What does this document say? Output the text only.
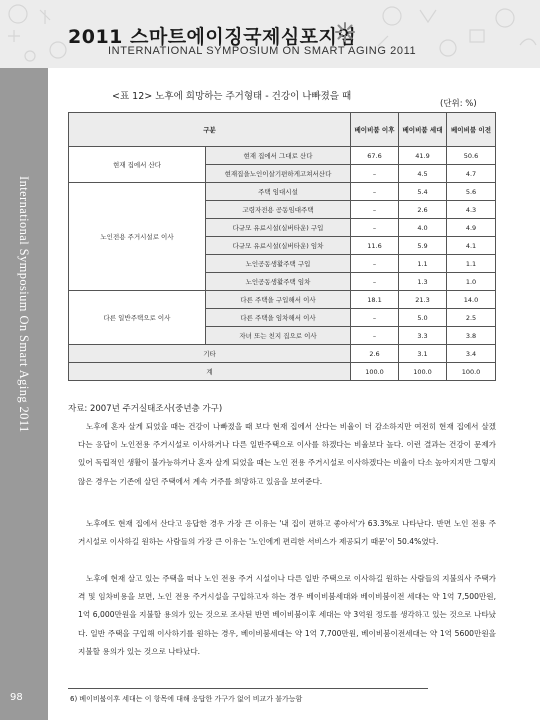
2011 스마트에이징국제심포지엄
INTERNATIONAL SYMPOSIUM ON SMART AGING 2011
International Symposium On Smart Aging 2011
98
<표 12> 노후에 희망하는 주거형태 - 건강이 나빠졌을 때
(단위: %)
구분		베이비붐 이후	베이비붐 세대	베이비붐 이전
현재 집에서 산다	현재 집에서 그대로 산다	67.6	41.9	50.6
	현재집을노인이살기편하게고쳐서산다	–	4.5	4.7
노인전용 주거시설로 이사	주택 임대시설	–	5.4	5.6
	고령자전용 공동임대주택	–	2.6	4.3
	다규모 유료시설(실버타운) 구입	–	4.0	4.9
	다규모 유료시설(실버타운) 임차	11.6	5.9	4.1
	노인공동생활주택 구입	–	1.1	1.1
	노인공동생활주택 임차	–	1.3	1.0
다른 일반주택으로 이사	다른 주택을 구입해서 이사	18.1	21.3	14.0
	다른 주택을 임차해서 이사	–	5.0	2.5
	자녀 또는 친지 집으로 이사	–	3.3	3.8
기타		2.6	3.1	3.4
계		100.0	100.0	100.0
자료: 2007년 주거실태조사(중년층 가구)

노후에 혼자 살게 되었을 때는 건강이 나빠졌을 때 보다 현재 집에서 산다는 비율이 더 감소하지만 여전히 현재 집에서 살겠다는 응답이 노인전용 주거시설로 이사하거나 다른 일반주택으로 이사를 하겠다는 비율보다 높다. 이런 결과는 건강이 문제가 있어 독립적인 생활이 불가능하거나 혼자 살게 되었을 때는 노인 전용 주거시설로 이사하겠다는 비율이 다소 높아지지만 그렇지 않은 경우는 기존에 살던 주택에서 계속 거주를 희망하고 있음을 보여준다.

노후에도 현재 집에서 산다고 응답한 경우 가장 큰 이유는 '내 집이 편하고 좋아서'가 63.3%로 나타난다. 반면 노인 전용 주거시설로 이사하길 원하는 사람들의 가장 큰 이유는 '노인에게 편리한 서비스가 제공되기 때문'이 50.4%였다.

노후에 현재 살고 있는 주택을 떠나 노인 전용 주거 시설이나 다른 일반 주택으로 이사하길 원하는 사람들의 지불의사 주택가격 및 임차비용을 보면, 노인 전용 주거시설을 구입하고자 하는 경우 베이비붐세대와 베이비붐이전 세대는 약 1억 7,500만원, 1억 6,000만원을 지불할 용의가 있는 것으로 조사된 반면 베이비붐이후 세대는 약 3억원 정도를 생각하고 있는 것으로 나타났다. 일반 주택을 구입해 이사하기를 원하는 경우, 베이비붐세대는 약 1억 7,700만원, 베이비붐이전세대는 약 1억 5600만원을 지불할 용의가 있는 것으로 나타났다.

6) 베이비붐이후 세대는 이 항목에 대해 응답한 가구가 없어 비교가 불가능함
